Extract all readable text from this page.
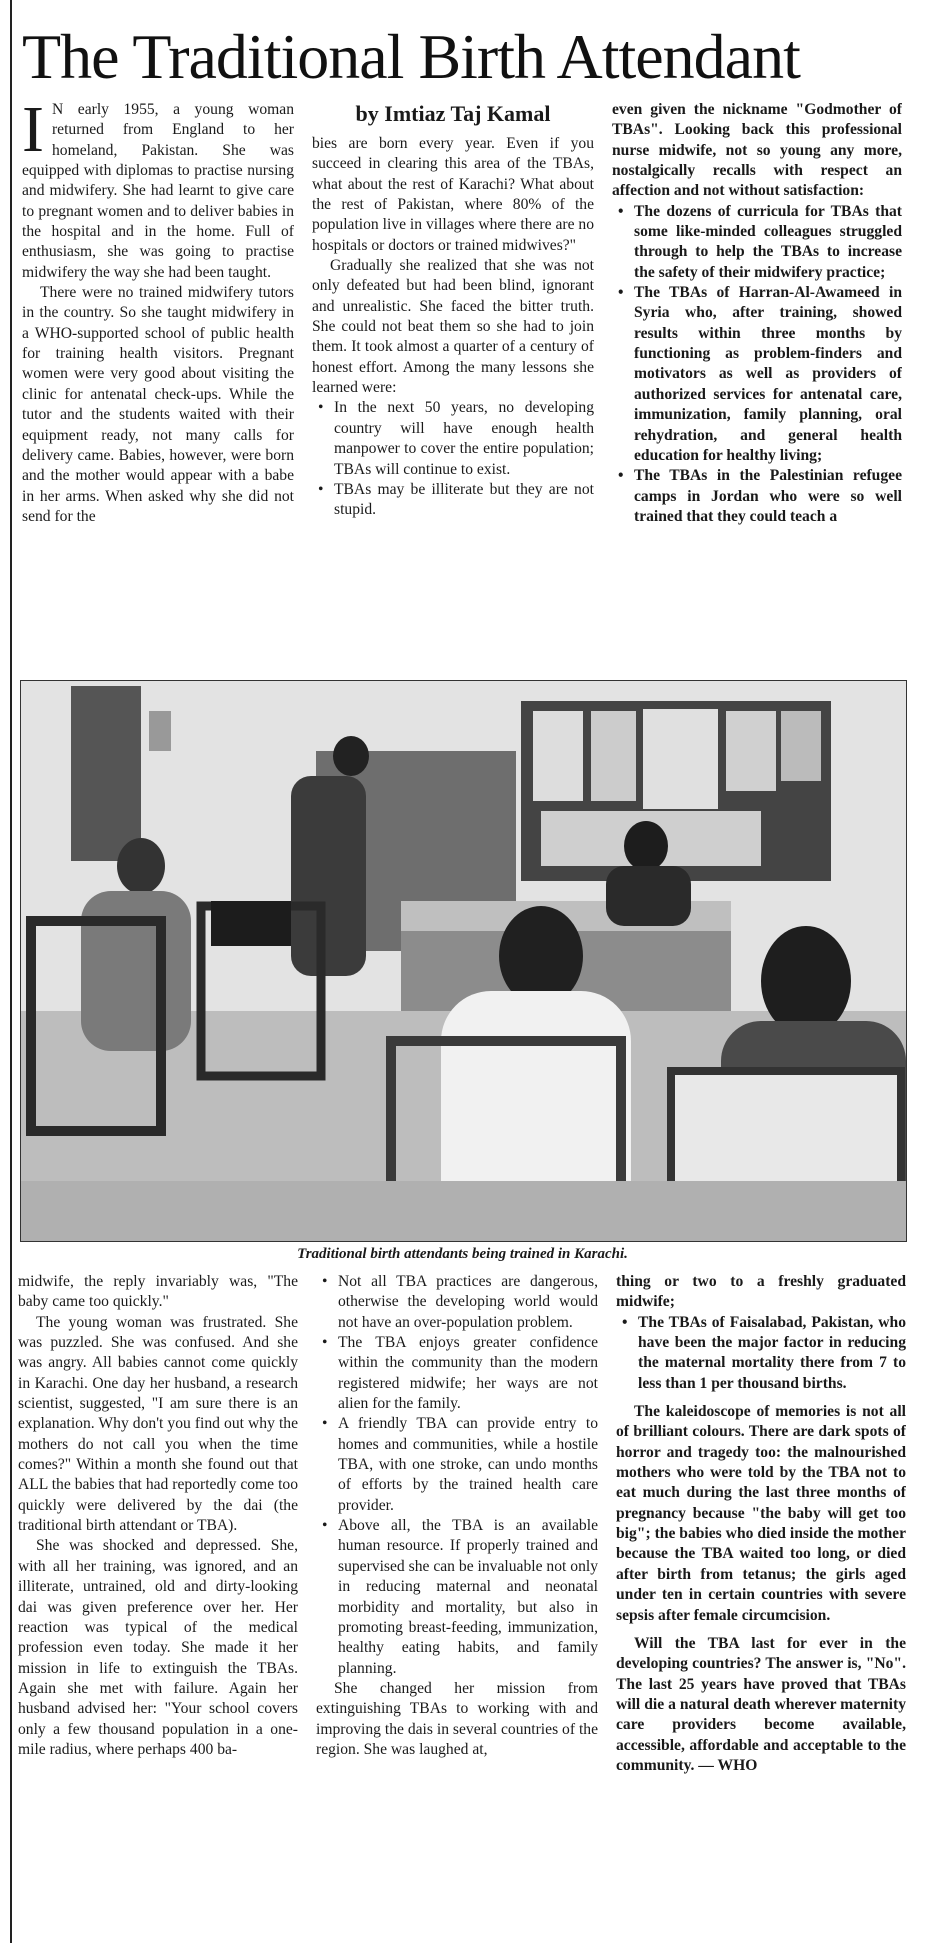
The Traditional Birth Attendant

I N early 1955, a young woman returned from England to her homeland, Pakistan. She was equipped with diplomas to practise nursing and midwifery. She had learnt to give care to pregnant women and to deliver babies in the hospital and in the home. Full of enthusiasm, she was going to practise midwifery the way she had been taught.

There were no trained midwifery tutors in the country. So she taught midwifery in a WHO-supported school of public health for training health visitors. Pregnant women were very good about visiting the clinic for antenatal check-ups. While the tutor and the students waited with their equipment ready, not many calls for delivery came. Babies, however, were born and the mother would appear with a babe in her arms. When asked why she did not send for the

by Imtiaz Taj Kamal

bies are born every year. Even if you succeed in clearing this area of the TBAs, what about the rest of Karachi? What about the rest of Pakistan, where 80% of the population live in villages where there are no hospitals or doctors or trained midwives?"

Gradually she realized that she was not only defeated but had been blind, ignorant and unrealistic. She faced the bitter truth. She could not beat them so she had to join them. It took almost a quarter of a century of honest effort. Among the many lessons she learned were:

• In the next 50 years, no developing country will have enough health manpower to cover the entire population; TBAs will continue to exist.
• TBAs may be illiterate but they are not stupid.

even given the nickname "Godmother of TBAs". Looking back this professional nurse midwife, not so young any more, nostalgically recalls with respect an affection and not without satisfaction:

• The dozens of curricula for TBAs that some like-minded colleagues struggled through to help the TBAs to increase the safety of their midwifery practice;
• The TBAs of Harran-Al-Awameed in Syria who, after training, showed results within three months by functioning as problem-finders and motivators as well as providers of authorized services for antenatal care, immunization, family planning, oral rehydration, and general health education for healthy living;
• The TBAs in the Palestinian refugee camps in Jordan who were so well trained that they could teach a
Traditional birth attendants being trained in Karachi.

midwife, the reply invariably was, "The baby came too quickly."

The young woman was frustrated. She was puzzled. She was confused. And she was angry. All babies cannot come quickly in Karachi. One day her husband, a research scientist, suggested, "I am sure there is an explanation. Why don't you find out why the mothers do not call you when the time comes?" Within a month she found out that ALL the babies that had reportedly come too quickly were delivered by the dai (the traditional birth attendant or TBA).

She was shocked and depressed. She, with all her training, was ignored, and an illiterate, untrained, old and dirty-looking dai was given preference over her. Her reaction was typical of the medical profession even today. She made it her mission in life to extinguish the TBAs. Again she met with failure. Again her husband advised her: "Your school covers only a few thousand population in a one-mile radius, where perhaps 400 ba-

• Not all TBA practices are dangerous, otherwise the developing world would not have an over-population problem.
• The TBA enjoys greater confidence within the community than the modern registered midwife; her ways are not alien for the family.
• A friendly TBA can provide entry to homes and communities, while a hostile TBA, with one stroke, can undo months of efforts by the trained health care provider.
• Above all, the TBA is an available human resource. If properly trained and supervised she can be invaluable not only in reducing maternal and neonatal morbidity and mortality, but also in promoting breast-feeding, immunization, healthy eating habits, and family planning.

She changed her mission from extinguishing TBAs to working with and improving the dais in several countries of the region. She was laughed at,

thing or two to a freshly graduated midwife;

• The TBAs of Faisalabad, Pakistan, who have been the major factor in reducing the maternal mortality there from 7 to less than 1 per thousand births.

The kaleidoscope of memories is not all of brilliant colours. There are dark spots of horror and tragedy too: the malnourished mothers who were told by the TBA not to eat much during the last three months of pregnancy because "the baby will get too big"; the babies who died inside the mother because the TBA waited too long, or died after birth from tetanus; the girls aged under ten in certain countries with severe sepsis after female circumcision.

Will the TBA last for ever in the developing countries? The answer is, "No". The last 25 years have proved that TBAs will die a natural death wherever maternity care providers become available, accessible, affordable and acceptable to the community. — WHO
